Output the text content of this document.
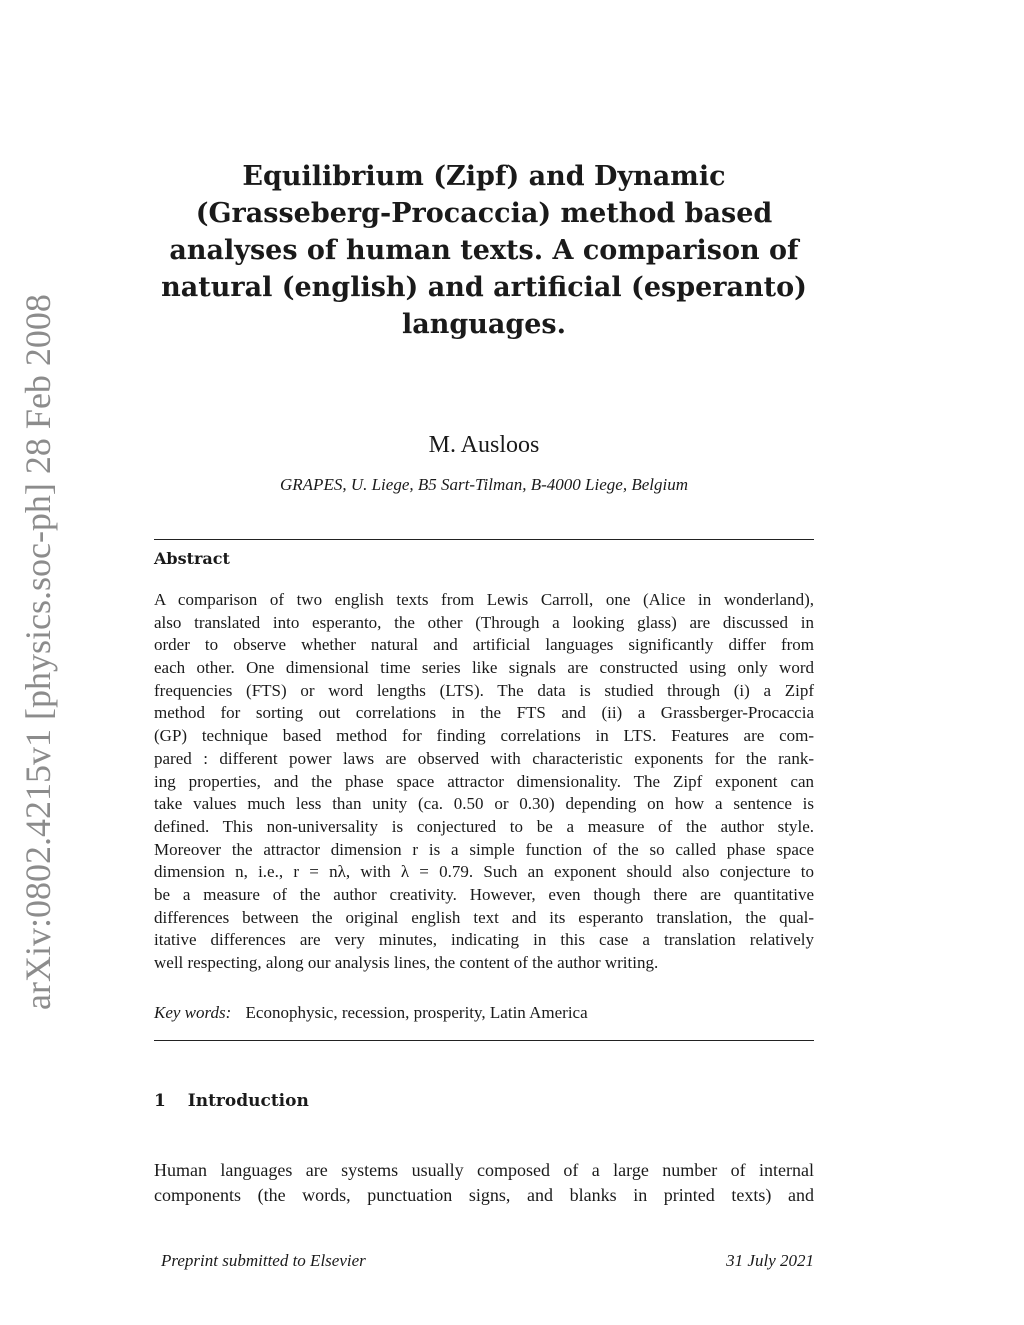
arXiv:0802.4215v1 [physics.soc-ph] 28 Feb 2008
Equilibrium (Zipf) and Dynamic
(Grasseberg-Procaccia) method based
analyses of human texts. A comparison of
natural (english) and artificial (esperanto)
languages.
M. Ausloos
GRAPES, U. Liege, B5 Sart-Tilman, B-4000 Liege, Belgium
Abstract
A comparison of two english texts from Lewis Carroll, one (Alice in wonderland),
also translated into esperanto, the other (Through a looking glass) are discussed in
order to observe whether natural and artificial languages significantly differ from
each other. One dimensional time series like signals are constructed using only word
frequencies (FTS) or word lengths (LTS). The data is studied through (i) a Zipf
method for sorting out correlations in the FTS and (ii) a Grassberger-Procaccia
(GP) technique based method for finding correlations in LTS. Features are com-
pared : different power laws are observed with characteristic exponents for the rank-
ing properties, and the phase space attractor dimensionality. The Zipf exponent can
take values much less than unity (ca. 0.50 or 0.30) depending on how a sentence is
defined. This non-universality is conjectured to be a measure of the author style.
Moreover the attractor dimension r is a simple function of the so called phase space
dimension n, i.e., r = nλ, with λ = 0.79. Such an exponent should also conjecture to
be a measure of the author creativity. However, even though there are quantitative
differences between the original english text and its esperanto translation, the qual-
itative differences are very minutes, indicating in this case a translation relatively
well respecting, along our analysis lines, the content of the author writing.
Key words: Econophysic, recession, prosperity, Latin America
1 Introduction
Human languages are systems usually composed of a large number of internal
components (the words, punctuation signs, and blanks in printed texts) and
Preprint submitted to Elsevier	31 July 2021
